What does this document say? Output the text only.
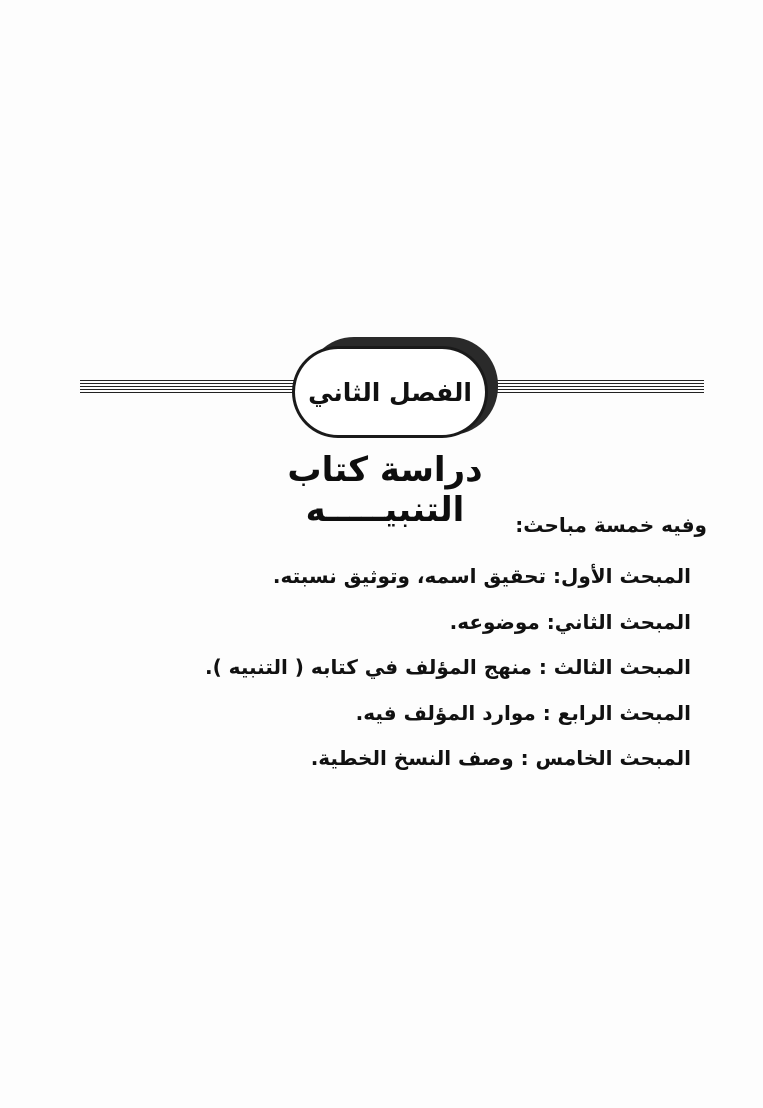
الفصل الثاني
دراسة كتاب التنبيـــــه	وفيه خمسة مباحث:
المبحث الأول: تحقيق اسمه، وتوثيق نسبته.
المبحث الثاني: موضوعه.
المبحث الثالث : منهج المؤلف في كتابه ( التنبيه ).
المبحث الرابع : موارد المؤلف فيه.
المبحث الخامس : وصف النسخ الخطية.
